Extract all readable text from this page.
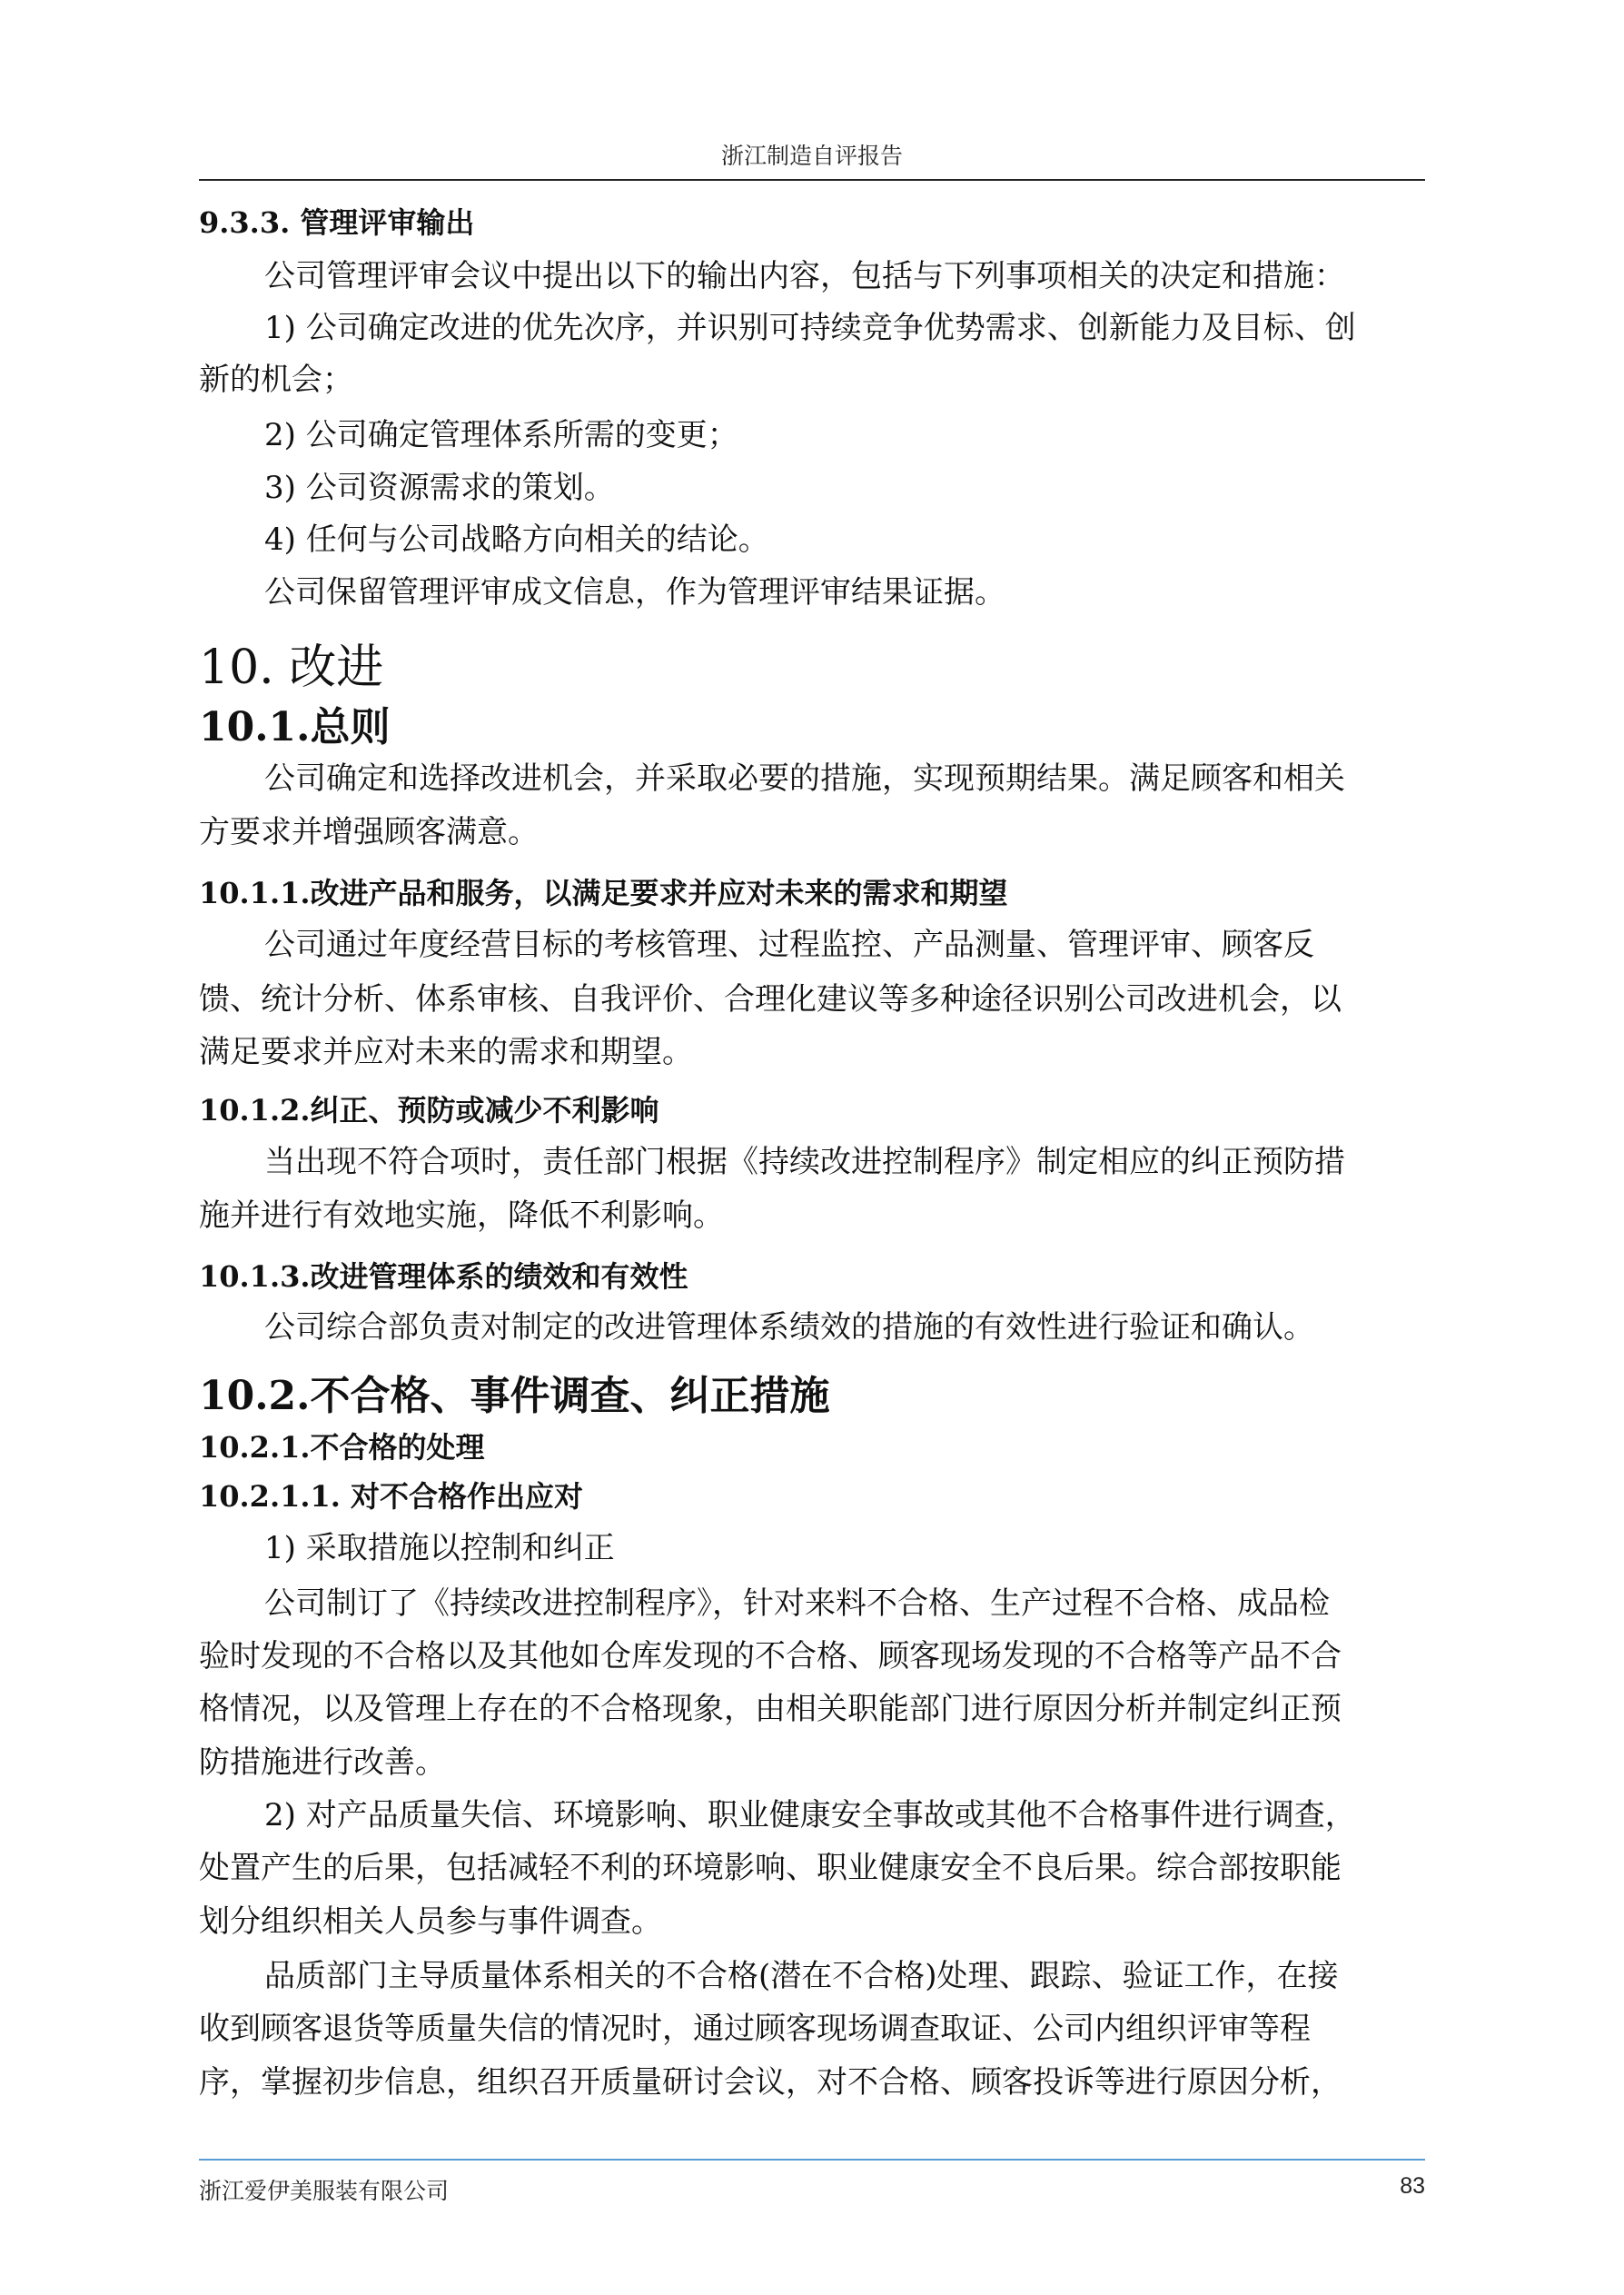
浙江制造自评报告
9.3.3. 管理评审输出
公司管理评审会议中提出以下的输出内容，包括与下列事项相关的决定和措施：
1) 公司确定改进的优先次序，并识别可持续竞争优势需求、创新能力及目标、创
新的机会；
2) 公司确定管理体系所需的变更；
3) 公司资源需求的策划。
4) 任何与公司战略方向相关的结论。
公司保留管理评审成文信息，作为管理评审结果证据。
10. 改进
10.1.总则
公司确定和选择改进机会，并采取必要的措施，实现预期结果。满足顾客和相关
方要求并增强顾客满意。
10.1.1.改进产品和服务，以满足要求并应对未来的需求和期望
公司通过年度经营目标的考核管理、过程监控、产品测量、管理评审、顾客反
馈、统计分析、体系审核、自我评价、合理化建议等多种途径识别公司改进机会，以
满足要求并应对未来的需求和期望。
10.1.2.纠正、预防或减少不利影响
当出现不符合项时，责任部门根据《持续改进控制程序》制定相应的纠正预防措
施并进行有效地实施，降低不利影响。
10.1.3.改进管理体系的绩效和有效性
公司综合部负责对制定的改进管理体系绩效的措施的有效性进行验证和确认。
10.2.不合格、事件调查、纠正措施
10.2.1.不合格的处理
10.2.1.1. 对不合格作出应对
1) 采取措施以控制和纠正
公司制订了《持续改进控制程序》，针对来料不合格、生产过程不合格、成品检
验时发现的不合格以及其他如仓库发现的不合格、顾客现场发现的不合格等产品不合
格情况，以及管理上存在的不合格现象，由相关职能部门进行原因分析并制定纠正预
防措施进行改善。
2) 对产品质量失信、环境影响、职业健康安全事故或其他不合格事件进行调查，
处置产生的后果，包括减轻不利的环境影响、职业健康安全不良后果。综合部按职能
划分组织相关人员参与事件调查。
品质部门主导质量体系相关的不合格(潜在不合格)处理、跟踪、验证工作，在接
收到顾客退货等质量失信的情况时，通过顾客现场调查取证、公司内组织评审等程
序，掌握初步信息，组织召开质量研讨会议，对不合格、顾客投诉等进行原因分析，
浙江爱伊美服装有限公司	83
